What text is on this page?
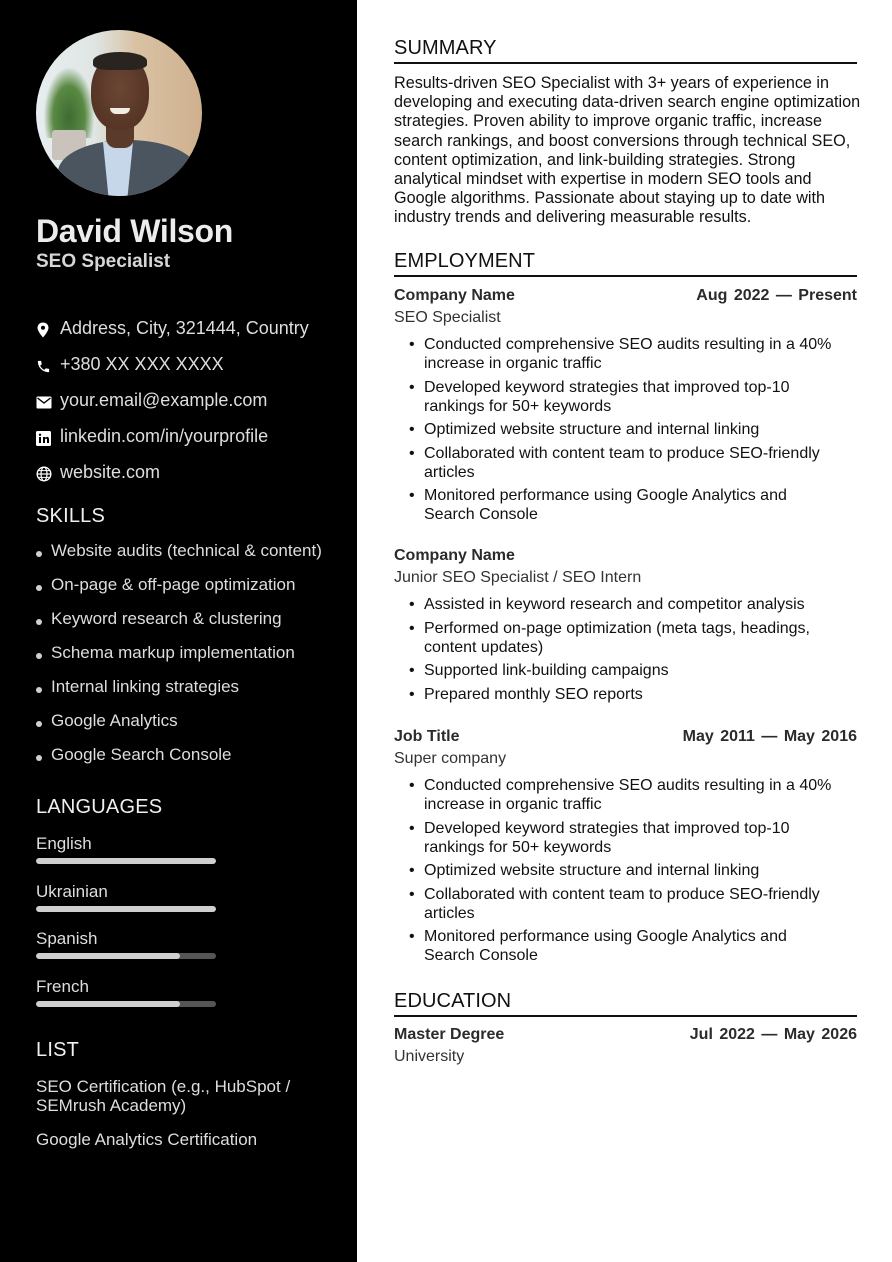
David Wilson
SEO Specialist
Address, City, 321444, Country
+380 XX XXX XXXX
your.email@example.com
linkedin.com/in/yourprofile
website.com
SKILLS
Website audits (technical & content)
On-page & off-page optimization
Keyword research & clustering
Schema markup implementation
Internal linking strategies
Google Analytics
Google Search Console
LANGUAGES
English
Ukrainian
Spanish
French
LIST
SEO Certification (e.g., HubSpot / SEMrush Academy)
Google Analytics Certification
SUMMARY

Results-driven SEO Specialist with 3+ years of experience in developing and executing data-driven search engine optimization strategies. Proven ability to improve organic traffic, increase search rankings, and boost conversions through technical SEO, content optimization, and link-building strategies. Strong analytical mindset with expertise in modern SEO tools and Google algorithms. Passionate about staying up to date with industry trends and delivering measurable results.

EMPLOYMENT
Company Name	Aug 2022 — Present
SEO Specialist
• Conducted comprehensive SEO audits resulting in a 40% increase in organic traffic
• Developed keyword strategies that improved top-10 rankings for 50+ keywords
• Optimized website structure and internal linking
• Collaborated with content team to produce SEO-friendly articles
• Monitored performance using Google Analytics and Search Console
Company Name
Junior SEO Specialist / SEO Intern
• Assisted in keyword research and competitor analysis
• Performed on-page optimization (meta tags, headings, content updates)
• Supported link-building campaigns
• Prepared monthly SEO reports
Job Title	May 2011 — May 2016
Super company
• Conducted comprehensive SEO audits resulting in a 40% increase in organic traffic
• Developed keyword strategies that improved top-10 rankings for 50+ keywords
• Optimized website structure and internal linking
• Collaborated with content team to produce SEO-friendly articles
• Monitored performance using Google Analytics and Search Console
EDUCATION
Master Degree	Jul 2022 — May 2026
University
